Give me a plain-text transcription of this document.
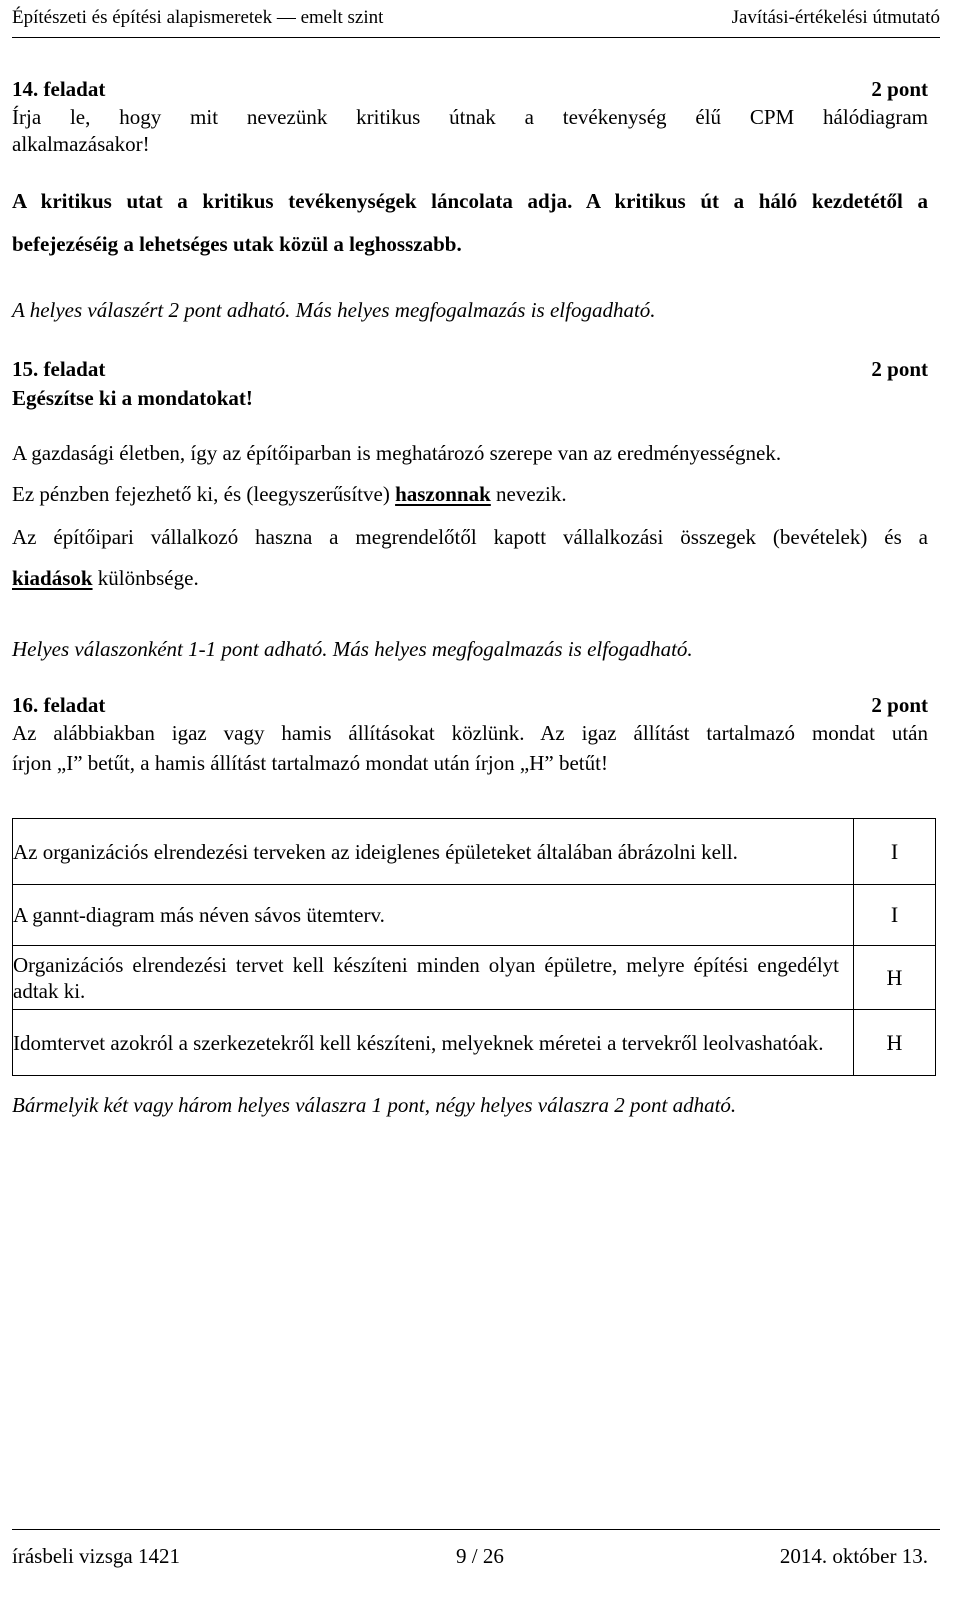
Építészeti és építési alapismeretek — emelt szint	Javítási-értékelési útmutató
14. feladat	2 pont
Írja le, hogy mit nevezünk kritikus útnak a tevékenység élű CPM hálódiagram
alkalmazásakor!
A kritikus utat a kritikus tevékenységek láncolata adja. A kritikus út a háló kezdetétől a
befejezéséig a lehetséges utak közül a leghosszabb.
A helyes válaszért 2 pont adható. Más helyes megfogalmazás is elfogadható.
15. feladat	2 pont
Egészítse ki a mondatokat!
A gazdasági életben, így az építőiparban is meghatározó szerepe van az eredményességnek.
Ez pénzben fejezhető ki, és (leegyszerűsítve) haszonnak nevezik.
Az építőipari vállalkozó haszna a megrendelőtől kapott vállalkozási összegek (bevételek) és a
kiadások különbsége.
Helyes válaszonként 1-1 pont adható. Más helyes megfogalmazás is elfogadható.
16. feladat	2 pont
Az alábbiakban igaz vagy hamis állításokat közlünk. Az igaz állítást tartalmazó mondat után
írjon „I” betűt, a hamis állítást tartalmazó mondat után írjon „H” betűt!
Az organizációs elrendezési terveken az ideiglenes épületeket általában ábrázolni kell.	I

A gannt-diagram más néven sávos ütemterv.	I

Organizációs elrendezési tervet kell készíteni minden olyan épületre, melyre építési engedélyt adtak ki.	H

Idomtervet azokról a szerkezetekről kell készíteni, melyeknek méretei a tervekről leolvashatóak.	H
Bármelyik két vagy három helyes válaszra 1 pont, négy helyes válaszra 2 pont adható.
írásbeli vizsga 1421	9 / 26	2014. október 13.
